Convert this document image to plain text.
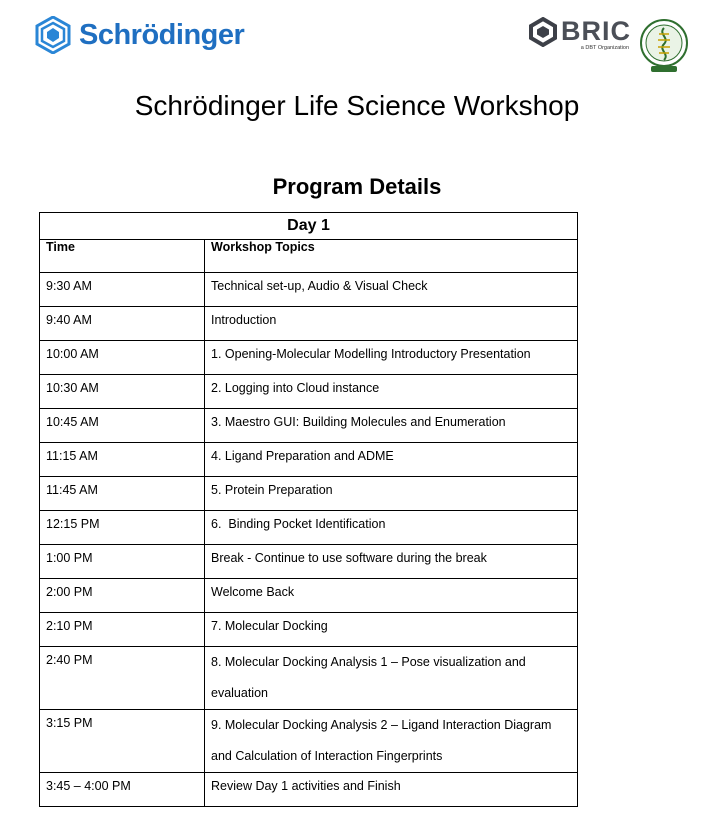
Schrödinger	BRIC
a DBT Organization
Schrödinger Life Science Workshop
Program Details
Day 1	
Time	Workshop Topics
9:30 AM	Technical set-up, Audio & Visual Check
9:40 AM	Introduction
10:00 AM	1. Opening-Molecular Modelling Introductory Presentation
10:30 AM	2. Logging into Cloud instance
10:45 AM	3. Maestro GUI: Building Molecules and Enumeration
11:15 AM	4. Ligand Preparation and ADME
11:45 AM	5. Protein Preparation
12:15 PM	6.  Binding Pocket Identification
1:00 PM	Break - Continue to use software during the break
2:00 PM	Welcome Back
2:10 PM	7. Molecular Docking
2:40 PM	8. Molecular Docking Analysis 1 – Pose visualization and evaluation
3:15 PM	9. Molecular Docking Analysis 2 – Ligand Interaction Diagram and Calculation of Interaction Fingerprints
3:45 – 4:00 PM	Review Day 1 activities and Finish
